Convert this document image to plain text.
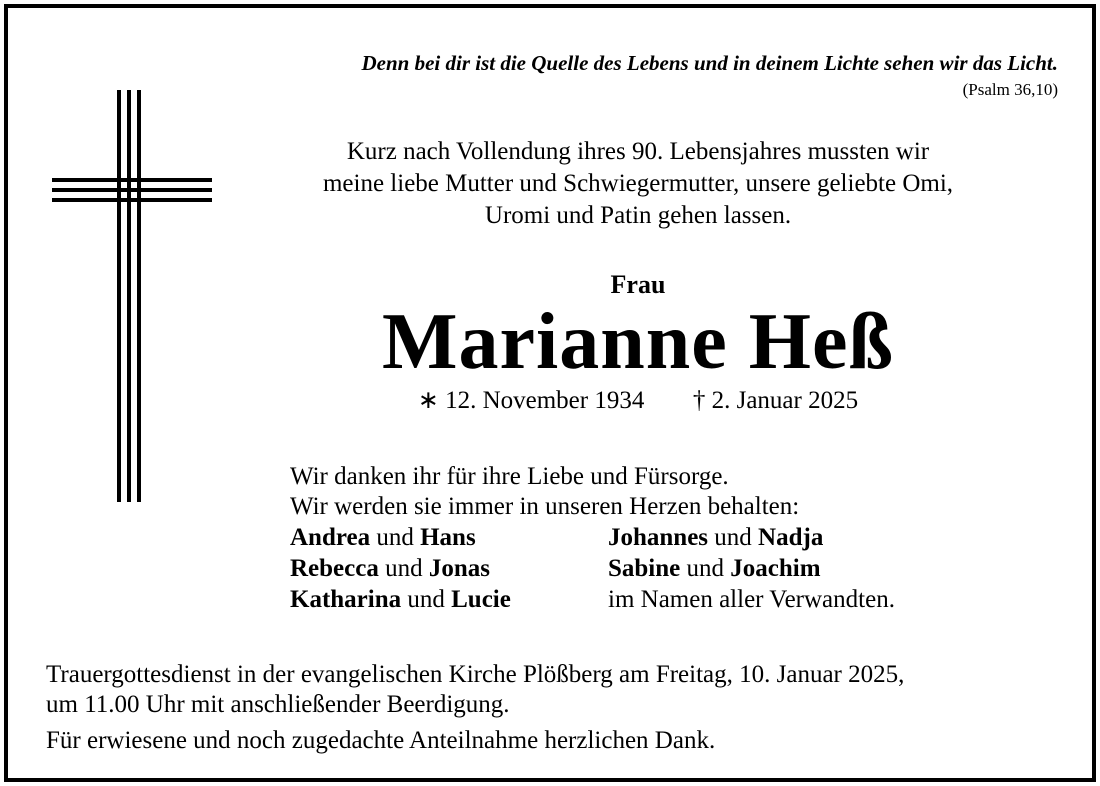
Denn bei dir ist die Quelle des Lebens und in deinem Lichte sehen wir das Licht.
(Psalm 36,10)
Kurz nach Vollendung ihres 90. Lebensjahres mussten wir
meine liebe Mutter und Schwiegermutter, unsere geliebte Omi,
Uromi und Patin gehen lassen.
Frau
Marianne Heß
∗ 12. November 1934 † 2. Januar 2025
Wir danken ihr für ihre Liebe und Fürsorge.
Wir werden sie immer in unseren Herzen behalten:
Andrea und Hans
Rebecca und Jonas
Katharina und Lucie
Johannes und Nadja
Sabine und Joachim
im Namen aller Verwandten.
Trauergottesdienst in der evangelischen Kirche Plößberg am Freitag, 10. Januar 2025,
um 11.00 Uhr mit anschließender Beerdigung.
Für erwiesene und noch zugedachte Anteilnahme herzlichen Dank.
